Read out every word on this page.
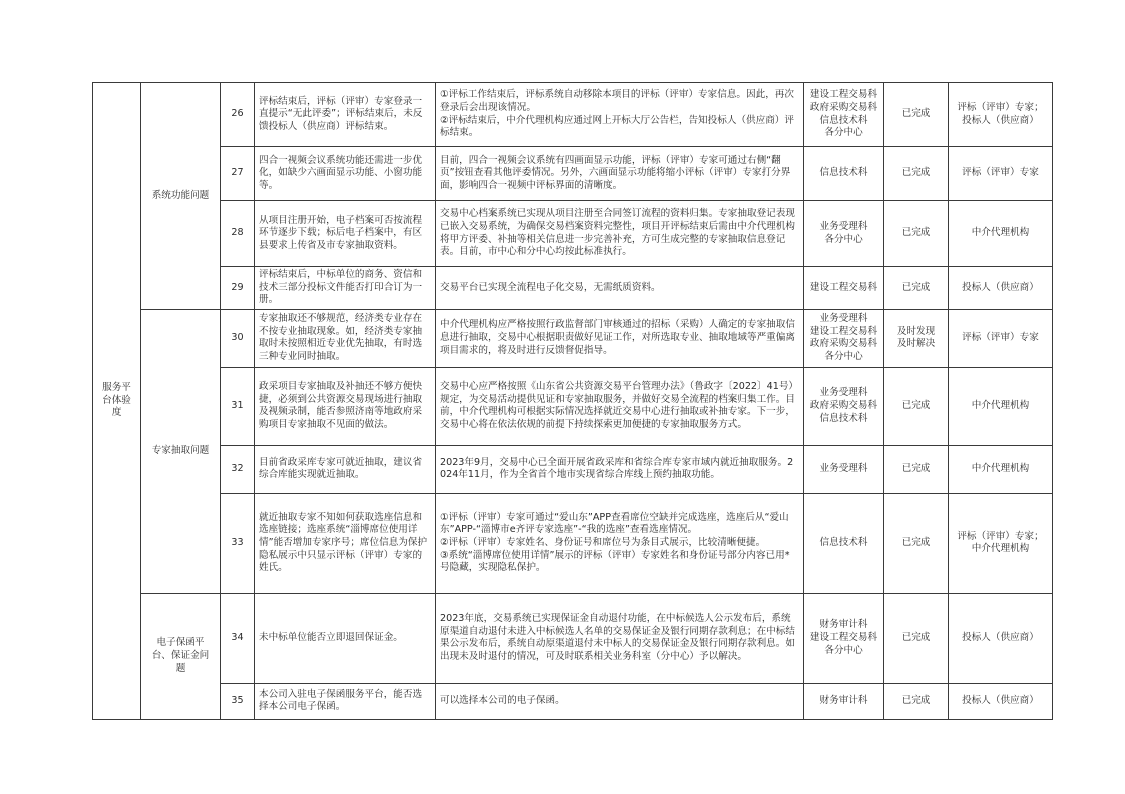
服务平台体验度	系统功能问题	26	评标结束后，评标（评审）专家登录一直提示“无此评委”；评标结束后，未反馈投标人（供应商）评标结束。	①评标工作结束后，评标系统自动移除本项目的评标（评审）专家信息。因此，再次登录后会出现该情况。
②评标结束后，中介代理机构应通过网上开标大厅公告栏，告知投标人（供应商）评标结束。	建设工程交易科
政府采购交易科
信息技术科
各分中心	已完成	评标（评审）专家；投标人（供应商）
		27	四合一视频会议系统功能还需进一步优化，如缺少六画面显示功能、小窗功能等。	目前，四合一视频会议系统有四画面显示功能，评标（评审）专家可通过右侧“翻页”按钮查看其他评委情况。另外，六画面显示功能将缩小评标（评审）专家打分界面，影响四合一视频中评标界面的清晰度。	信息技术科	已完成	评标（评审）专家
		28	从项目注册开始，电子档案可否按流程环节逐步下载；标后电子档案中，有区县要求上传省及市专家抽取资料。	交易中心档案系统已实现从项目注册至合同签订流程的资料归集。专家抽取登记表现已嵌入交易系统，为确保交易档案资料完整性，项目开评标结束后需由中介代理机构将甲方评委、补抽等相关信息进一步完善补充，方可生成完整的专家抽取信息登记表。目前，市中心和分中心均按此标准执行。	业务受理科
各分中心	已完成	中介代理机构
		29	评标结束后，中标单位的商务、资信和技术三部分投标文件能否打印合订为一册。	交易平台已实现全流程电子化交易，无需纸质资料。	建设工程交易科	已完成	投标人（供应商）
	专家抽取问题	30	专家抽取还不够规范，经济类专业存在不按专业抽取现象。如，经济类专家抽取时未按照相近专业优先抽取，有时选三种专业同时抽取。	中介代理机构应严格按照行政监督部门审核通过的招标（采购）人确定的专家抽取信息进行抽取，交易中心根据职责做好见证工作，对所选取专业、抽取地域等严重偏离项目需求的，将及时进行反馈督促指导。	业务受理科
建设工程交易科
政府采购交易科
各分中心	及时发现
及时解决	评标（评审）专家
		31	政采项目专家抽取及补抽还不够方便快捷，必须到公共资源交易现场进行抽取及视频录制，能否参照济南等地政府采购项目专家抽取不见面的做法。	交易中心应严格按照《山东省公共资源交易平台管理办法》（鲁政字〔2022〕41号）规定，为交易活动提供见证和专家抽取服务，并做好交易全流程的档案归集工作。目前，中介代理机构可根据实际情况选择就近交易中心进行抽取或补抽专家。下一步，交易中心将在依法依规的前提下持续探索更加便捷的专家抽取服务方式。	业务受理科
政府采购交易科
信息技术科	已完成	中介代理机构
		32	目前省政采库专家可就近抽取，建议省综合库能实现就近抽取。	2023年9月，交易中心已全面开展省政采库和省综合库专家市域内就近抽取服务。2024年11月，作为全省首个地市实现省综合库线上预约抽取功能。	业务受理科	已完成	中介代理机构
		33	就近抽取专家不知如何获取选座信息和选座链接；选座系统“淄博席位使用详情”能否增加专家序号；席位信息为保护隐私展示中只显示评标（评审）专家的姓氏。	①评标（评审）专家可通过“爱山东”APP查看席位空缺并完成选座，选座后从“爱山东”APP-“淄博市e齐评专家选座”-“我的选座”查看选座情况。
②评标（评审）专家姓名、身份证号和席位号为条目式展示，比较清晰便捷。
③系统“淄博席位使用详情”展示的评标（评审）专家姓名和身份证号部分内容已用*号隐藏，实现隐私保护。	信息技术科	已完成	评标（评审）专家；中介代理机构
	电子保函平台、保证金问题	34	未中标单位能否立即退回保证金。	2023年底，交易系统已实现保证金自动退付功能，在中标候选人公示发布后，系统原渠道自动退付未进入中标候选人名单的交易保证金及银行同期存款利息；在中标结果公示发布后，系统自动原渠道退付未中标人的交易保证金及银行同期存款利息。如出现未及时退付的情况，可及时联系相关业务科室（分中心）予以解决。	财务审计科
建设工程交易科
各分中心	已完成	投标人（供应商）
		35	本公司入驻电子保函服务平台，能否选择本公司电子保函。	可以选择本公司的电子保函。	财务审计科	已完成	投标人（供应商）
